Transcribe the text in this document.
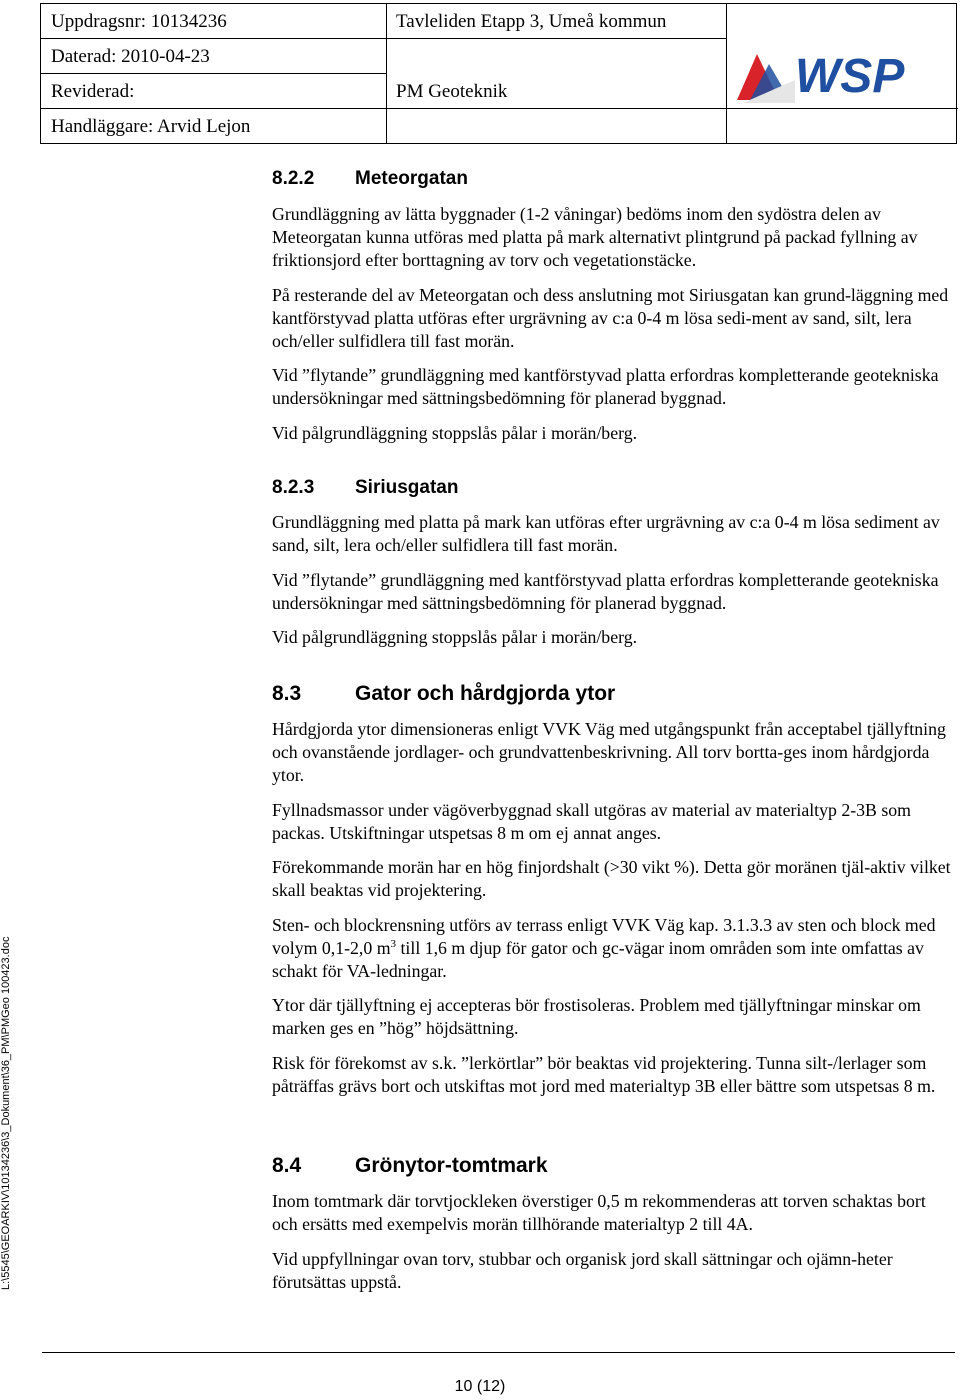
Uppdragsnr: 10134236	Tavleliden Etapp 3, Umeå kommun
Daterad: 2010-04-23
Reviderad:	PM Geoteknik
Handläggare: Arvid Lejon
WSP
8.2.2 Meteorgatan

Grundläggning av lätta byggnader (1-2 våningar) bedöms inom den sydöstra delen av Meteorgatan kunna utföras med platta på mark alternativt plintgrund på packad fyllning av friktionsjord efter borttagning av torv och vegetationstäcke.

På resterande del av Meteorgatan och dess anslutning mot Siriusgatan kan grund-läggning med kantförstyvad platta utföras efter urgrävning av c:a 0-4 m lösa sedi-ment av sand, silt, lera och/eller sulfidlera till fast morän.

Vid ”flytande” grundläggning med kantförstyvad platta erfordras kompletterande geotekniska undersökningar med sättningsbedömning för planerad byggnad.

Vid pålgrundläggning stoppslås pålar i morän/berg.

8.2.3 Siriusgatan

Grundläggning med platta på mark kan utföras efter urgrävning av c:a 0-4 m lösa sediment av sand, silt, lera och/eller sulfidlera till fast morän.

Vid ”flytande” grundläggning med kantförstyvad platta erfordras kompletterande geotekniska undersökningar med sättningsbedömning för planerad byggnad.

Vid pålgrundläggning stoppslås pålar i morän/berg.

8.3	Gator och hårdgjorda ytor

Hårdgjorda ytor dimensioneras enligt VVK Väg med utgångspunkt från acceptabel tjällyftning och ovanstående jordlager- och grundvattenbeskrivning. All torv bortta-ges inom hårdgjorda ytor.

Fyllnadsmassor under vägöverbyggnad skall utgöras av material av materialtyp 2-3B som packas. Utskiftningar utspetsas 8 m om ej annat anges.

Förekommande morän har en hög finjordshalt (>30 vikt %). Detta gör moränen tjäl-aktiv vilket skall beaktas vid projektering.

Sten- och blockrensning utförs av terrass enligt VVK Väg kap. 3.1.3.3 av sten och block med volym 0,1-2,0 $m^3$ till 1,6 m djup för gator och gc-vägar inom områden som inte omfattas av schakt för VA-ledningar.

Ytor där tjällyftning ej accepteras bör frostisoleras. Problem med tjällyftningar minskar om marken ges en ”hög” höjdsättning.

Risk för förekomst av s.k. ”lerkörtlar” bör beaktas vid projektering. Tunna silt-/lerlager som påträffas grävs bort och utskiftas mot jord med materialtyp 3B eller bättre som utspetsas 8 m.

8.4	Grönytor-tomtmark

Inom tomtmark där torvtjockleken överstiger 0,5 m rekommenderas att torven schaktas bort och ersätts med exempelvis morän tillhörande materialtyp 2 till 4A.

Vid uppfyllningar ovan torv, stubbar och organisk jord skall sättningar och ojämn-heter förutsättas uppstå.

L:\5545\GEOARKIV\10134236\3_Dokument\36_PM\PMGeo 100423.doc
10 (12)
